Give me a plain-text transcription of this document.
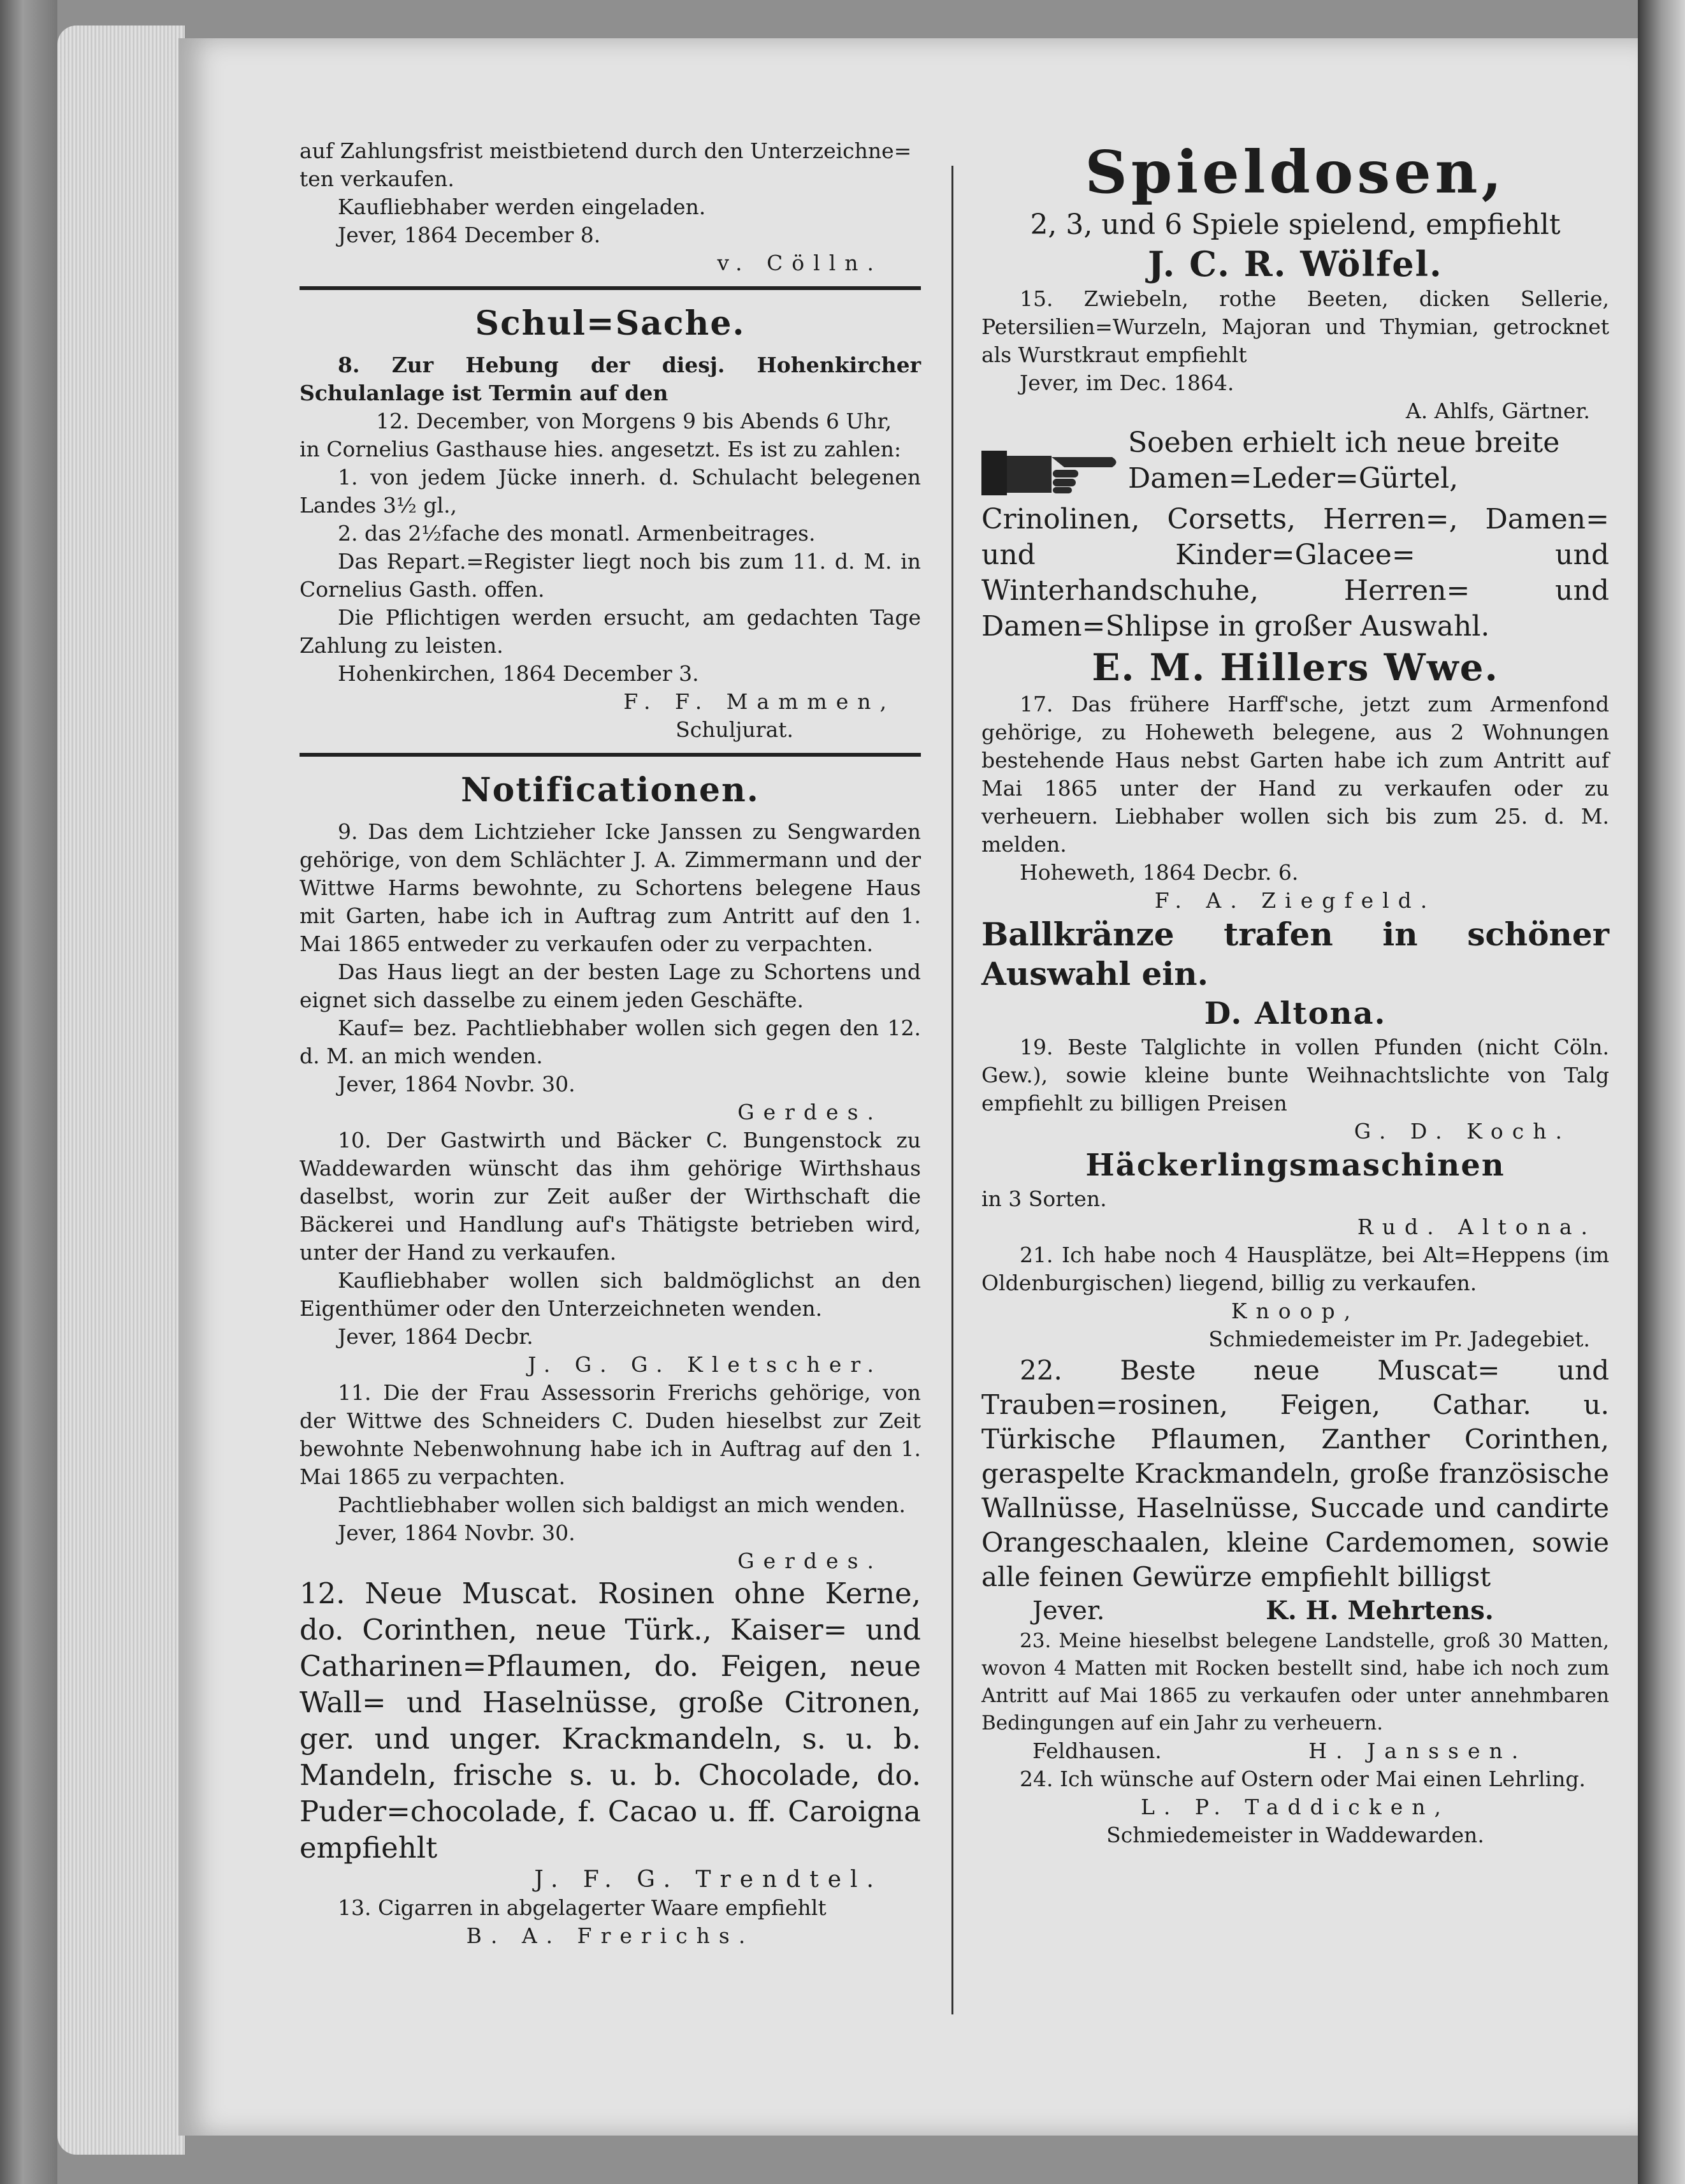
auf Zahlungsfrist meistbietend durch den Unterzeichne=

ten verkaufen.

Kaufliebhaber werden eingeladen.

Jever, 1864 December 8.

v. Cölln.

Schul=Sache.

8. Zur Hebung der diesj. Hohenkircher Schulanlage ist Termin auf den

12. December, von Morgens 9 bis Abends 6 Uhr,

in Cornelius Gasthause hies. angesetzt. Es ist zu zahlen:

1. von jedem Jücke innerh. d. Schulacht belegenen Landes 3½ gl.,

2. das 2½fache des monatl. Armenbeitrages.

Das Repart.=Register liegt noch bis zum 11. d. M. in Cornelius Gasth. offen.

Die Pflichtigen werden ersucht, am gedachten Tage Zahlung zu leisten.

Hohenkirchen, 1864 December 3.

F. F. Mammen,

Schuljurat.

Notificationen.

9. Das dem Lichtzieher Icke Janssen zu Sengwarden gehörige, von dem Schlächter J. A. Zimmermann und der Wittwe Harms bewohnte, zu Schortens belegene Haus mit Garten, habe ich in Auftrag zum Antritt auf den 1. Mai 1865 entweder zu verkaufen oder zu verpachten.

Das Haus liegt an der besten Lage zu Schortens und eignet sich dasselbe zu einem jeden Geschäfte.

Kauf= bez. Pachtliebhaber wollen sich gegen den 12. d. M. an mich wenden.

Jever, 1864 Novbr. 30.

Gerdes.

10. Der Gastwirth und Bäcker C. Bungenstock zu Waddewarden wünscht das ihm gehörige Wirthshaus daselbst, worin zur Zeit außer der Wirthschaft die Bäckerei und Handlung auf's Thätigste betrieben wird, unter der Hand zu verkaufen.

Kaufliebhaber wollen sich baldmöglichst an den Eigenthümer oder den Unterzeichneten wenden.

Jever, 1864 Decbr.

J. G. G. Kletscher.

11. Die der Frau Assessorin Frerichs gehörige, von der Wittwe des Schneiders C. Duden hieselbst zur Zeit bewohnte Nebenwohnung habe ich in Auftrag auf den 1. Mai 1865 zu verpachten.

Pachtliebhaber wollen sich baldigst an mich wenden.

Jever, 1864 Novbr. 30.

Gerdes.

12. Neue Muscat. Rosinen ohne Kerne, do. Corinthen, neue Türk., Kaiser= und Catharinen=Pflaumen, do. Feigen, neue Wall= und Haselnüsse, große Citronen, ger. und unger. Krackmandeln, s. u. b. Mandeln, frische s. u. b. Chocolade, do. Puder=chocolade, f. Cacao u. ff. Caroigna empfiehlt

J. F. G. Trendtel.

13. Cigarren in abgelagerter Waare empfiehlt

B. A. Frerichs.

Spieldosen,

2, 3, und 6 Spiele spielend, empfiehlt

J. C. R. Wölfel.

15. Zwiebeln, rothe Beeten, dicken Sellerie, Petersilien=Wurzeln, Majoran und Thymian, getrocknet als Wurstkraut empfiehlt

Jever, im Dec. 1864.

A. Ahlfs, Gärtner.

Soeben erhielt ich neue breite Damen=Leder=Gürtel,

Crinolinen, Corsetts, Herren=, Damen= und Kinder=Glacee= und Winterhandschuhe, Herren= und Damen=Shlipse in großer Auswahl.

E. M. Hillers Wwe.

17. Das frühere Harff'sche, jetzt zum Armenfond gehörige, zu Hoheweth belegene, aus 2 Wohnungen bestehende Haus nebst Garten habe ich zum Antritt auf Mai 1865 unter der Hand zu verkaufen oder zu verheuern. Liebhaber wollen sich bis zum 25. d. M. melden.

Hoheweth, 1864 Decbr. 6.

F. A. Ziegfeld.

Ballkränze trafen in schöner Auswahl ein.

D. Altona.

19. Beste Talglichte in vollen Pfunden (nicht Cöln. Gew.), sowie kleine bunte Weihnachtslichte von Talg empfiehlt zu billigen Preisen

G. D. Koch.

Häckerlingsmaschinen

in 3 Sorten.

Rud. Altona.

21. Ich habe noch 4 Hausplätze, bei Alt=Heppens (im Oldenburgischen) liegend, billig zu verkaufen.

Knoop,

Schmiedemeister im Pr. Jadegebiet.

22. Beste neue Muscat= und Trauben=rosinen, Feigen, Cathar. u. Türkische Pflaumen, Zanther Corinthen, geraspelte Krackmandeln, große französische Wallnüsse, Haselnüsse, Succade und candirte Orangeschaalen, kleine Cardemomen, sowie alle feinen Gewürze empfiehlt billigst

Jever.	K. H. Mehrtens.

23. Meine hieselbst belegene Landstelle, groß 30 Matten, wovon 4 Matten mit Rocken bestellt sind, habe ich noch zum Antritt auf Mai 1865 zu verkaufen oder unter annehmbaren Bedingungen auf ein Jahr zu verheuern.

Feldhausen.	H. Janssen.

24. Ich wünsche auf Ostern oder Mai einen Lehrling.

L. P. Taddicken,

Schmiedemeister in Waddewarden.
